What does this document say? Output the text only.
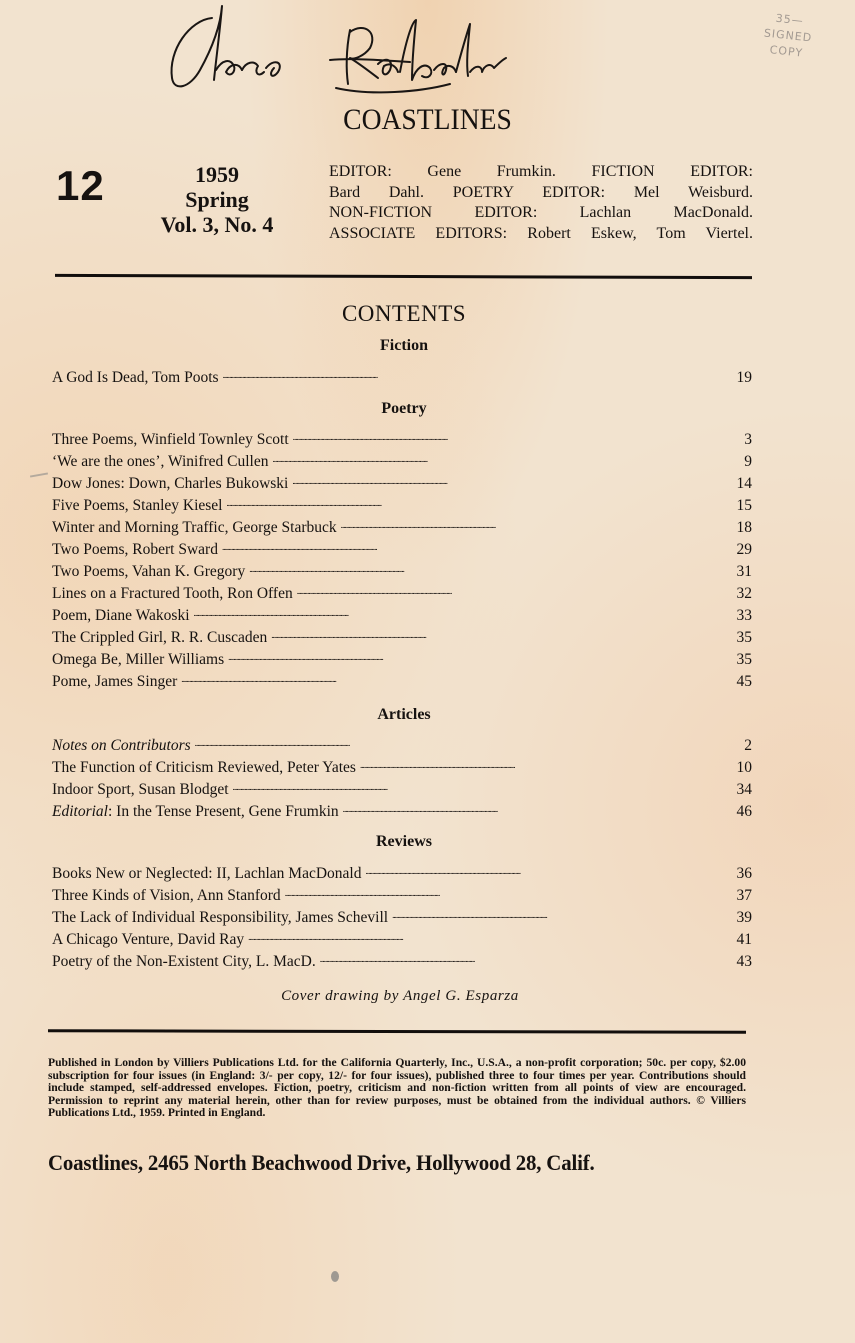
35—
SIGNED
COPY
COASTLINES
12	1959
Spring
Vol. 3, No. 4
EDITOR: Gene Frumkin. FICTION EDITOR:
Bard Dahl. POETRY EDITOR: Mel Weisburd.
NON-FICTION EDITOR: Lachlan MacDonald.
ASSOCIATE EDITORS: Robert Eskew, Tom Viertel.
CONTENTS
Fiction
A God Is Dead, Tom Poots . . .	19
Poetry
Three Poems, Winfield Townley Scott . . .	3
‘We are the ones’, Winifred Cullen . . .	9
Dow Jones: Down, Charles Bukowski . . .	14
Five Poems, Stanley Kiesel . . .	15
Winter and Morning Traffic, George Starbuck . . .	18
Two Poems, Robert Sward . . .	29
Two Poems, Vahan K. Gregory . . .	31
Lines on a Fractured Tooth, Ron Offen . . .	32
Poem, Diane Wakoski . . .	33
The Crippled Girl, R. R. Cuscaden . . .	35
Omega Be, Miller Williams . . .	35
Pome, James Singer . . .	45
Articles
Notes on Contributors . . .	2
The Function of Criticism Reviewed, Peter Yates . . .	10
Indoor Sport, Susan Blodget . . .	34
Editorial: In the Tense Present, Gene Frumkin . . .	46
Reviews
Books New or Neglected: II, Lachlan MacDonald . . .	36
Three Kinds of Vision, Ann Stanford . . .	37
The Lack of Individual Responsibility, James Schevill . . .	39
A Chicago Venture, David Ray . . .	41
Poetry of the Non-Existent City, L. MacD. . . .	43
Cover drawing by Angel G. Esparza
Published in London by Villiers Publications Ltd. for the California Quarterly, Inc., U.S.A., a non-profit corporation; 50c. per copy, $2.00 subscription for four issues (in England: 3/- per copy, 12/- for four issues), published three to four times per year. Contributions should include stamped, self-addressed envelopes. Fiction, poetry, criticism and non-fiction written from all points of view are encouraged. Permission to reprint any material herein, other than for review purposes, must be obtained from the individual authors. © Villiers Publications Ltd., 1959. Printed in England.
Coastlines, 2465 North Beachwood Drive, Hollywood 28, Calif.
